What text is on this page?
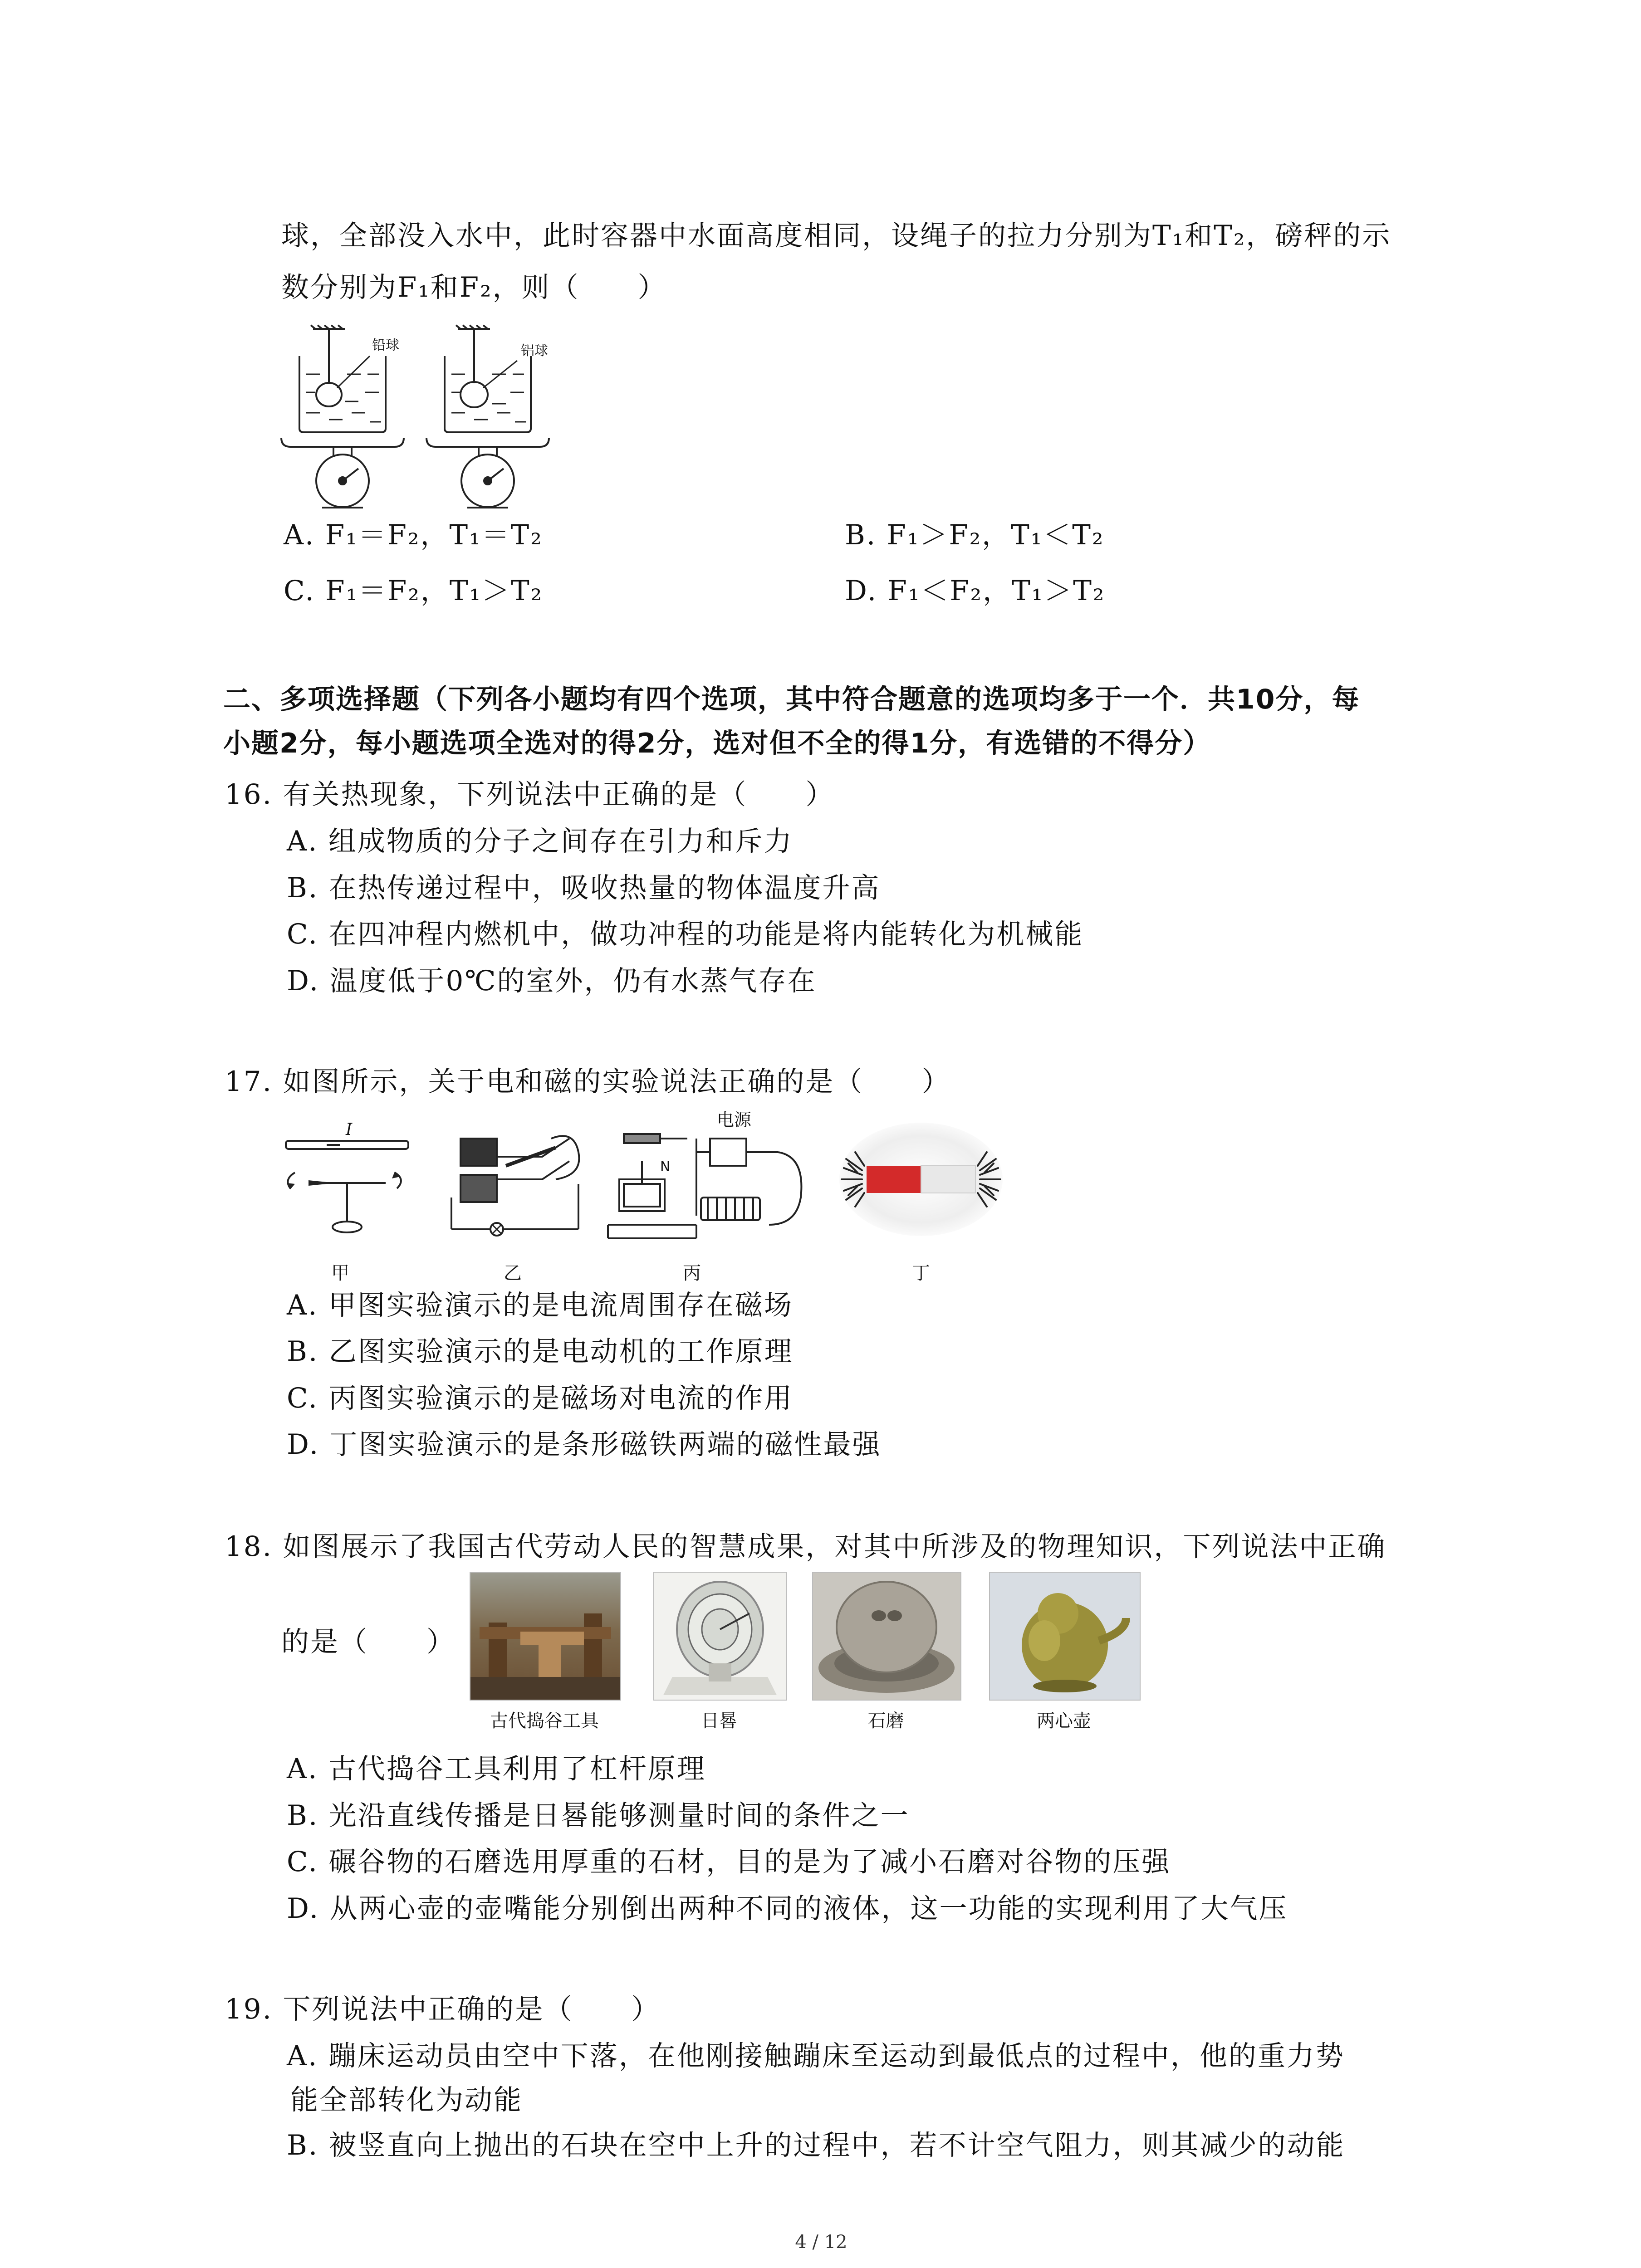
球，全部没入水中，此时容器中水面高度相同，设绳子的拉力分别为T₁和T₂，磅秤的示
数分别为F₁和F₂，则（　　）
铅球	铝球
A. F₁＝F₂，T₁＝T₂	B. F₁＞F₂，T₁＜T₂
C. F₁＝F₂，T₁＞T₂	D. F₁＜F₂，T₁＞T₂
二、多项选择题（下列各小题均有四个选项，其中符合题意的选项均多于一个．共10分，每
小题2分，每小题选项全选对的得2分，选对但不全的得1分，有选错的不得分）
16. 有关热现象，下列说法中正确的是（　　）
A. 组成物质的分子之间存在引力和斥力
B. 在热传递过程中，吸收热量的物体温度升高
C. 在四冲程内燃机中，做功冲程的功能是将内能转化为机械能
D. 温度低于0℃的室外，仍有水蒸气存在
17. 如图所示，关于电和磁的实验说法正确的是（　　）
I	电源
N
甲	乙	丙	丁
A. 甲图实验演示的是电流周围存在磁场
B. 乙图实验演示的是电动机的工作原理
C. 丙图实验演示的是磁场对电流的作用
D. 丁图实验演示的是条形磁铁两端的磁性最强
18. 如图展示了我国古代劳动人民的智慧成果，对其中所涉及的物理知识，下列说法中正确
的是（　　）
古代捣谷工具	日晷	石磨	两心壶
A. 古代捣谷工具利用了杠杆原理
B. 光沿直线传播是日晷能够测量时间的条件之一
C. 碾谷物的石磨选用厚重的石材，目的是为了减小石磨对谷物的压强
D. 从两心壶的壶嘴能分别倒出两种不同的液体，这一功能的实现利用了大气压
19. 下列说法中正确的是（　　）
A. 蹦床运动员由空中下落，在他刚接触蹦床至运动到最低点的过程中，他的重力势
能全部转化为动能
B. 被竖直向上抛出的石块在空中上升的过程中，若不计空气阻力，则其减少的动能
4 / 12
